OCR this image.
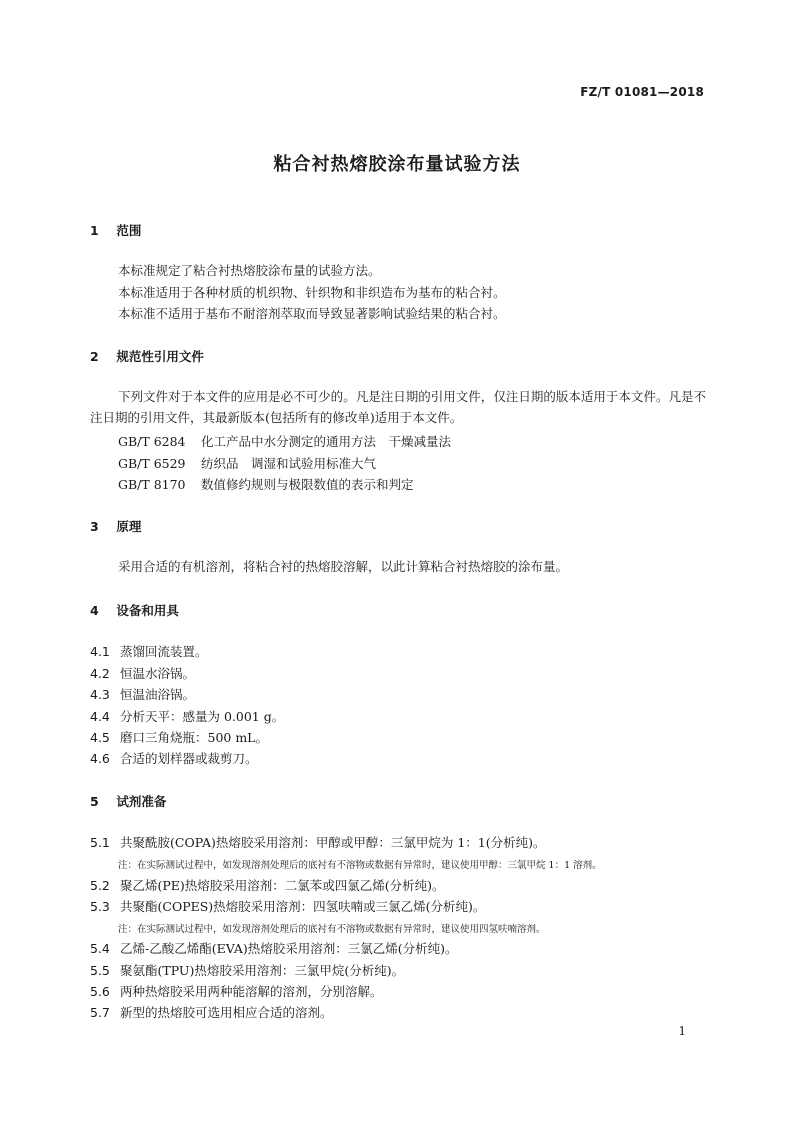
FZ/T 01081—2018
粘合衬热熔胶涂布量试验方法
1 范围
本标准规定了粘合衬热熔胶涂布量的试验方法。
本标准适用于各种材质的机织物、针织物和非织造布为基布的粘合衬。
本标准不适用于基布不耐溶剂萃取而导致显著影响试验结果的粘合衬。
2 规范性引用文件
下列文件对于本文件的应用是必不可少的。凡是注日期的引用文件，仅注日期的版本适用于本文件。凡是不注日期的引用文件，其最新版本(包括所有的修改单)适用于本文件。
GB/T 6284 化工产品中水分测定的通用方法　干燥减量法
GB/T 6529 纺织品　调湿和试验用标准大气
GB/T 8170 数值修约规则与极限数值的表示和判定
3 原理
采用合适的有机溶剂，将粘合衬的热熔胶溶解，以此计算粘合衬热熔胶的涂布量。
4 设备和用具
4.1 蒸馏回流装置。
4.2 恒温水浴锅。
4.3 恒温油浴锅。
4.4 分析天平：感量为 0.001 g。
4.5 磨口三角烧瓶：500 mL。
4.6 合适的划样器或裁剪刀。
5 试剂准备
5.1 共聚酰胺(COPA)热熔胶采用溶剂：甲醇或甲醇：三氯甲烷为 1：1(分析纯)。
注：在实际测试过程中，如发现溶剂处理后的底衬有不溶物或数据有异常时，建议使用甲醇：三氯甲烷 1：1 溶剂。
5.2 聚乙烯(PE)热熔胶采用溶剂：二氯苯或四氯乙烯(分析纯)。
5.3 共聚酯(COPES)热熔胶采用溶剂：四氢呋喃或三氯乙烯(分析纯)。
注：在实际测试过程中，如发现溶剂处理后的底衬有不溶物或数据有异常时，建议使用四氢呋喃溶剂。
5.4 乙烯-乙酸乙烯酯(EVA)热熔胶采用溶剂：三氯乙烯(分析纯)。
5.5 聚氨酯(TPU)热熔胶采用溶剂：三氯甲烷(分析纯)。
5.6 两种热熔胶采用两种能溶解的溶剂，分别溶解。
5.7 新型的热熔胶可选用相应合适的溶剂。
1
